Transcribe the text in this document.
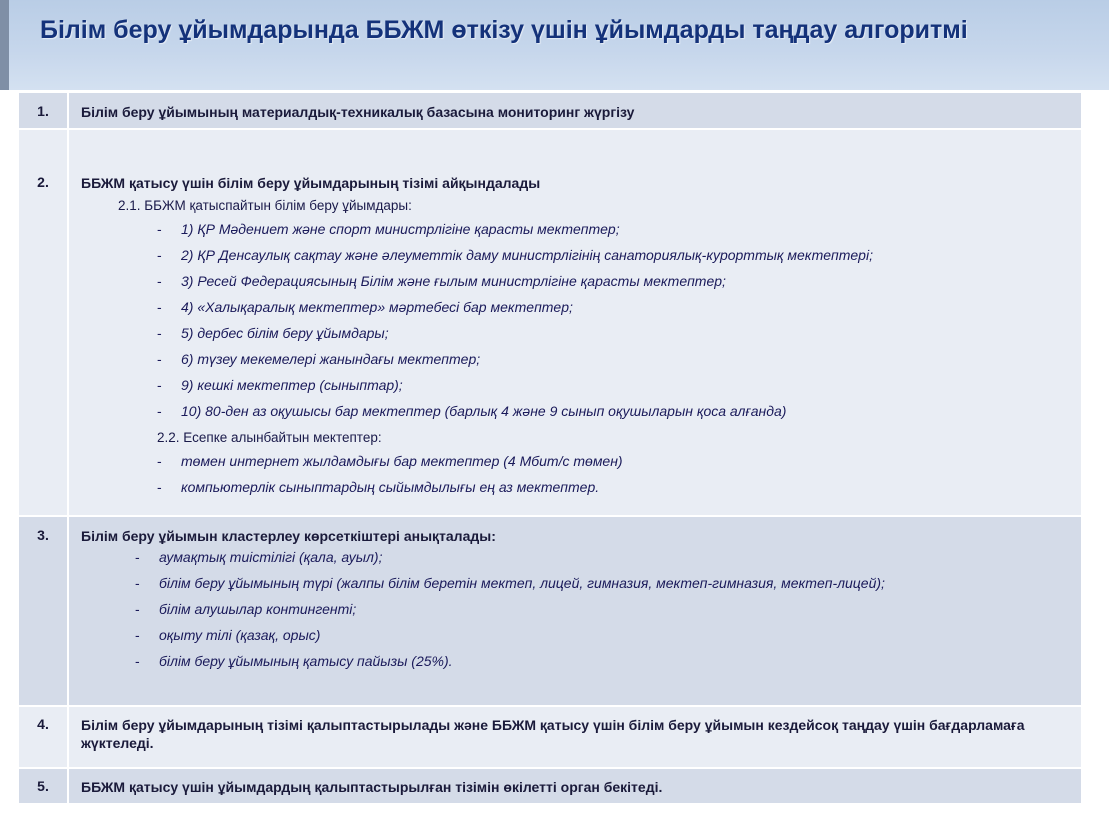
Білім беру ұйымдарында ББЖМ өткізу үшін ұйымдарды таңдау алгоритмі
1.	Білім беру ұйымының материалдық-техникалық базасына мониторинг жүргізу
2.	ББЖМ қатысу үшін білім беру ұйымдарының тізімі айқындалады
2.1. ББЖМ қатыспайтын білім беру ұйымдары:
- 1) ҚР Мәдениет және спорт министрлігіне қарасты мектептер;
- 2) ҚР Денсаулық сақтау және әлеуметтік даму министрлігінің санаториялық-курорттық мектептері;
- 3) Ресей Федерациясының Білім және ғылым министрлігіне қарасты мектептер;
- 4) «Халықаралық мектептер» мәртебесі бар мектептер;
- 5) дербес білім беру ұйымдары;
- 6) түзеу мекемелері жанындағы мектептер;
- 9) кешкі мектептер (сыныптар);
- 10) 80-ден аз оқушысы бар мектептер (барлық 4 және 9 сынып оқушыларын қоса алғанда)
2.2. Есепке алынбайтын мектептер:
- төмен интернет жылдамдығы бар мектептер (4 Мбит/с төмен)
- компьютерлік сыныптардың сыйымдылығы ең аз мектептер.
3.	Білім беру ұйымын кластерлеу көрсеткіштері анықталады:
- аумақтық тиістілігі (қала, ауыл);
- білім беру ұйымының түрі (жалпы білім беретін мектеп, лицей, гимназия, мектеп-гимназия, мектеп-лицей);
- білім алушылар контингенті;
- оқыту тілі (қазақ, орыс)
- білім беру ұйымының қатысу пайызы (25%).
4.	Білім беру ұйымдарының тізімі қалыптастырылады және ББЖМ қатысу үшін білім беру ұйымын кездейсоқ таңдау үшін бағдарламаға жүктеледі.
5.	ББЖМ қатысу үшін ұйымдардың қалыптастырылған тізімін өкілетті орган бекітеді.
